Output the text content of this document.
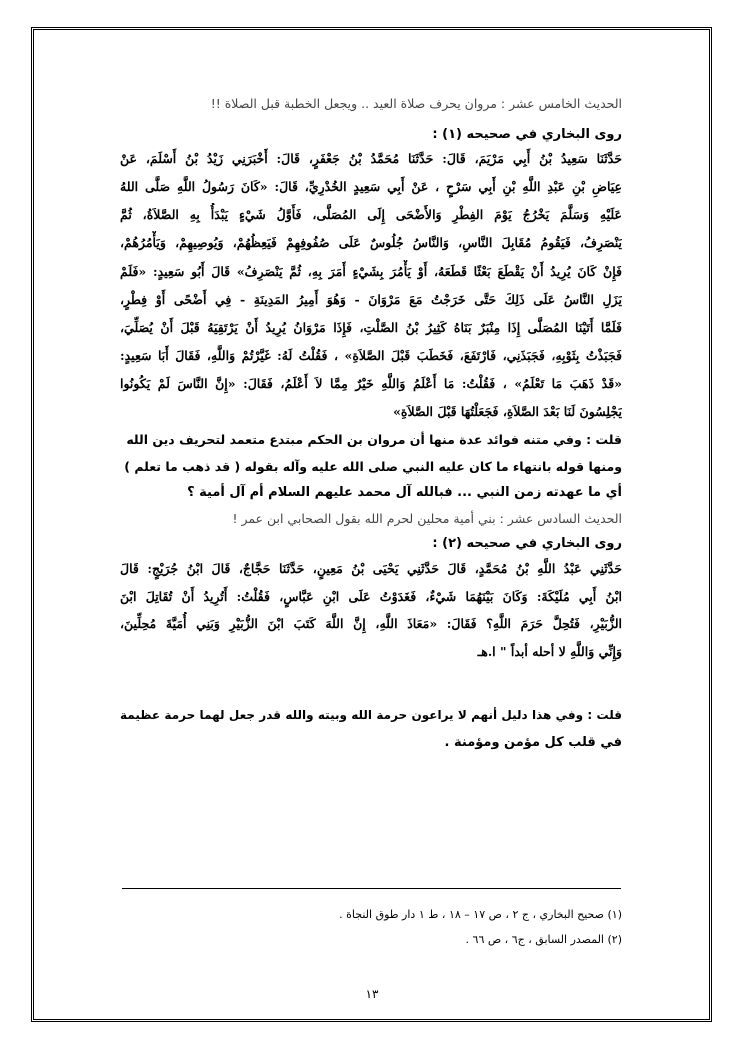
الحديث الخامس عشر : مروان يحرف صلاة العيد .. ويجعل الخطبة قبل الصلاة !!
روى البخاري في صحيحه (١) :
حَدَّثَنَا سَعِيدُ بْنُ أَبِي مَرْيَمَ، قَالَ: حَدَّثَنَا مُحَمَّدُ بْنُ جَعْفَرٍ، قَالَ: أَخْبَرَنِي زَيْدُ بْنُ أَسْلَمَ، عَنْ
عِيَاضِ بْنِ عَبْدِ اللَّهِ بْنِ أَبِي سَرْحٍ ، عَنْ أَبِي سَعِيدٍ الخُدْرِيِّ، قَالَ: «كَانَ رَسُولُ اللَّهِ صَلَّى اللهُ
عَلَيْهِ وَسَلَّمَ يَخْرُجُ يَوْمَ الفِطْرِ وَالأَضْحَى إِلَى المُصَلَّى، فَأَوَّلُ شَيْءٍ يَبْدَأُ بِهِ الصَّلاَةُ، ثُمَّ
يَنْصَرِفُ، فَيَقُومُ مُقَابِلَ النَّاسِ، وَالنَّاسُ جُلُوسٌ عَلَى صُفُوفِهِمْ فَيَعِظُهُمْ، وَيُوصِيهِمْ، وَيَأْمُرُهُمْ،
فَإِنْ كَانَ يُرِيدُ أَنْ يَقْطَعَ بَعْثًا قَطَعَهُ، أَوْ يَأْمُرَ بِشَيْءٍ أَمَرَ بِهِ، ثُمَّ يَنْصَرِفُ» قَالَ أَبُو سَعِيدٍ: «فَلَمْ
يَزَلِ النَّاسُ عَلَى ذَلِكَ حَتَّى خَرَجْتُ مَعَ مَرْوَانَ - وَهُوَ أَمِيرُ المَدِينَةِ - فِي أَضْحًى أَوْ فِطْرٍ،
فَلَمَّا أَتَيْنَا المُصَلَّى إِذَا مِنْبَرٌ بَنَاهُ كَثِيرُ بْنُ الصَّلْتِ، فَإِذَا مَرْوَانُ يُرِيدُ أَنْ يَرْتَقِيَهُ قَبْلَ أَنْ يُصَلِّيَ،
فَجَبَذْتُ بِثَوْبِهِ، فَجَبَذَنِي، فَارْتَفَعَ، فَخَطَبَ قَبْلَ الصَّلاَةِ» ، فَقُلْتُ لَهُ: غَيَّرْتُمْ وَاللَّهِ، فَقَالَ أَبَا سَعِيدٍ:
«قَدْ ذَهَبَ مَا تَعْلَمُ» ، فَقُلْتُ: مَا أَعْلَمُ وَاللَّهِ خَيْرٌ مِمَّا لاَ أَعْلَمُ، فَقَالَ: «إِنَّ النَّاسَ لَمْ يَكُونُوا
يَجْلِسُونَ لَنَا بَعْدَ الصَّلاَةِ، فَجَعَلْتُهَا قَبْلَ الصَّلاَةِ»
قلت : وفي متنه فوائد عدة منها أن مروان بن الحكم مبتدع متعمد لتحريف دين الله
ومنها قوله بانتهاء ما كان عليه النبي صلى الله عليه وآله بقوله ( قد ذهب ما تعلم )
أي ما عهدته زمن النبي ... فبالله آل محمد عليهم السلام أم آل أمية ؟
الحديث السادس عشر : بني أمية محلين لحرم الله بقول الصحابي ابن عمر !
روى البخاري في صحيحه (٢) :
حَدَّثَنِي عَبْدُ اللَّهِ بْنُ مُحَمَّدٍ، قَالَ حَدَّثَنِي يَحْيَى بْنُ مَعِينٍ، حَدَّثَنَا حَجَّاجٌ، قَالَ ابْنُ جُرَيْجٍ: قَالَ
ابْنُ أَبِي مُلَيْكَةَ: وَكَانَ بَيْنَهُمَا شَيْءٌ، فَغَدَوْتُ عَلَى ابْنِ عَبَّاسٍ، فَقُلْتُ: أَتُرِيدُ أَنْ تُقَاتِلَ ابْنَ
الزُّبَيْرِ، فَتُحِلَّ حَرَمَ اللَّهِ؟ فَقَالَ: «مَعَاذَ اللَّهِ، إِنَّ اللَّهَ كَتَبَ ابْنَ الزُّبَيْرِ وَبَنِي أُمَيَّةَ مُحِلِّينَ،
وَإِنِّي وَاللَّهِ لا أحله أبداً " ا.هـ
قلت : وفي هذا دليل أنهم لا يراعون حرمة الله وبيته والله قدر جعل لهما حرمة عظيمة
في قلب كل مؤمن ومؤمنة .
(١) صحيح البخاري ، ج ٢ ، ص ١٧ – ١٨ ، ط ١ دار طوق النجاة .
(٢) المصدر السابق ، ج٦ ، ص ٦٦ .
١٣
